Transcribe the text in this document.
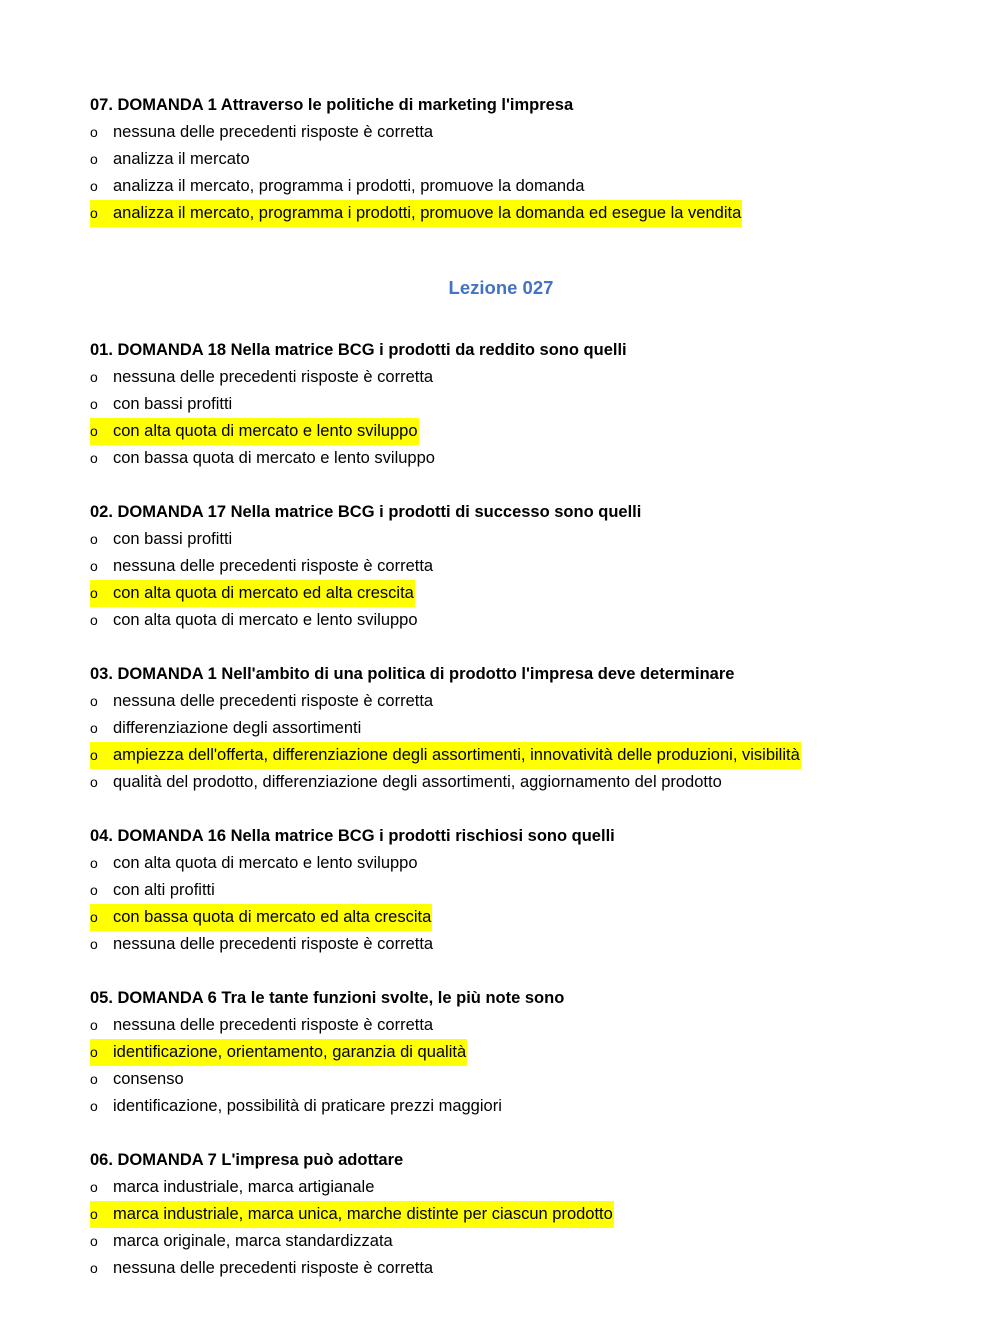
07. DOMANDA 1 Attraverso le politiche di marketing l'impresa
o nessuna delle precedenti risposte è corretta
o analizza il mercato
o analizza il mercato, programma i prodotti, promuove la domanda
o analizza il mercato, programma i prodotti, promuove la domanda ed esegue la vendita
Lezione 027
01. DOMANDA 18 Nella matrice BCG i prodotti da reddito sono quelli
o nessuna delle precedenti risposte è corretta
o con bassi profitti
o con alta quota di mercato e lento sviluppo
o con bassa quota di mercato e lento sviluppo
02. DOMANDA 17 Nella matrice BCG i prodotti di successo sono quelli
o con bassi profitti
o nessuna delle precedenti risposte è corretta
o con alta quota di mercato ed alta crescita
o con alta quota di mercato e lento sviluppo
03. DOMANDA 1 Nell'ambito di una politica di prodotto l'impresa deve determinare
o nessuna delle precedenti risposte è corretta
o differenziazione degli assortimenti
o ampiezza dell'offerta, differenziazione degli assortimenti, innovatività delle produzioni, visibilità
o qualità del prodotto, differenziazione degli assortimenti, aggiornamento del prodotto
04. DOMANDA 16 Nella matrice BCG i prodotti rischiosi sono quelli
o con alta quota di mercato e lento sviluppo
o con alti profitti
o con bassa quota di mercato ed alta crescita
o nessuna delle precedenti risposte è corretta
05. DOMANDA 6 Tra le tante funzioni svolte, le più note sono
o nessuna delle precedenti risposte è corretta
o identificazione, orientamento, garanzia di qualità
o consenso
o identificazione, possibilità di praticare prezzi maggiori
06. DOMANDA 7 L'impresa può adottare
o marca industriale, marca artigianale
o marca industriale, marca unica, marche distinte per ciascun prodotto
o marca originale, marca standardizzata
o nessuna delle precedenti risposte è corretta
